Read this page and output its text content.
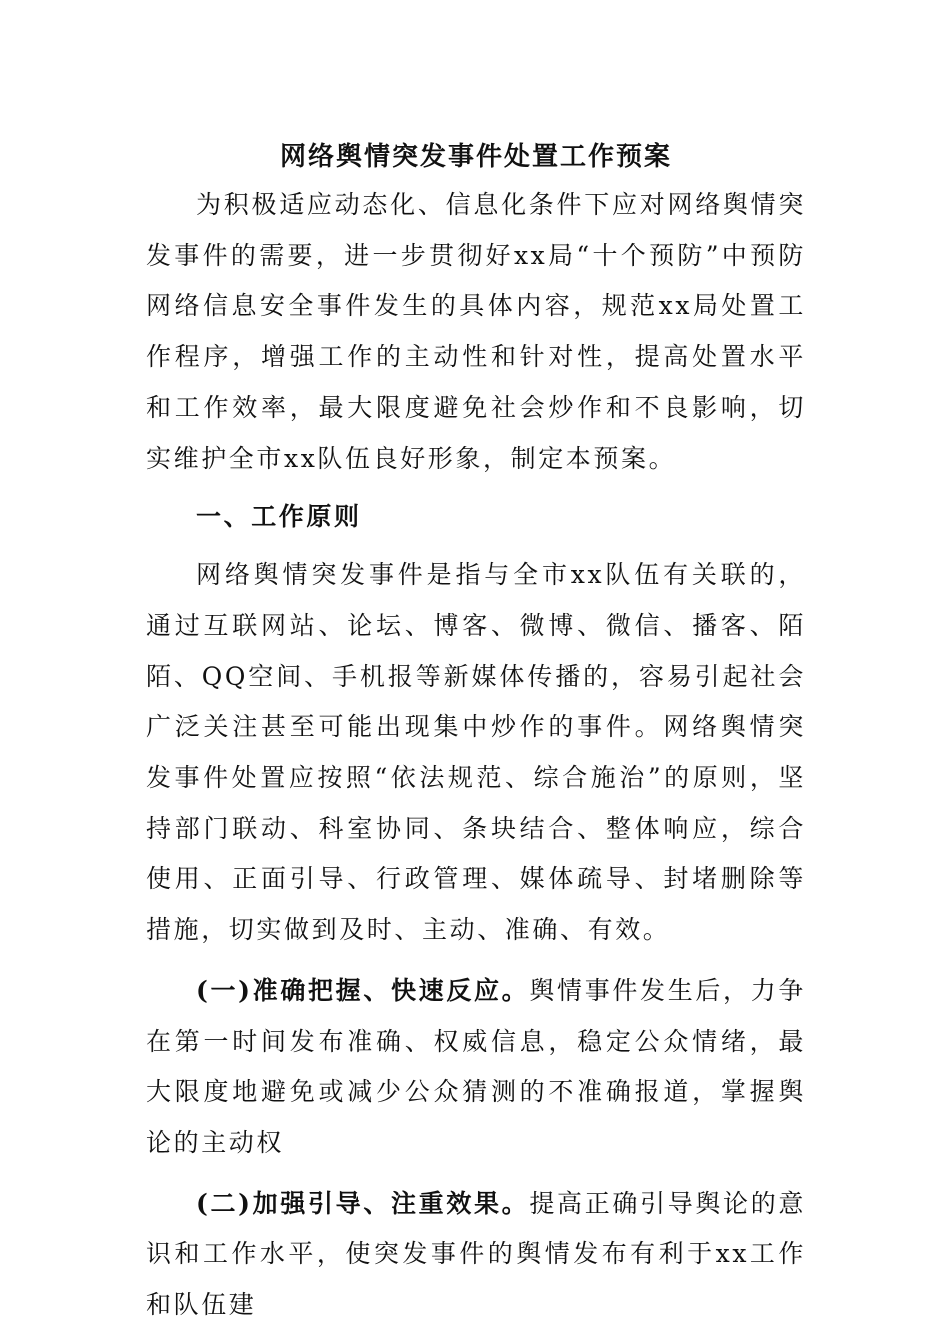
网络舆情突发事件处置工作预案

为积极适应动态化、信息化条件下应对网络舆情突发事件的需要，进一步贯彻好xx局“十个预防”中预防网络信息安全事件发生的具体内容，规范xx局处置工作程序，增强工作的主动性和针对性，提高处置水平和工作效率，最大限度避免社会炒作和不良影响，切实维护全市xx队伍良好形象，制定本预案。

一、工作原则

网络舆情突发事件是指与全市xx队伍有关联的，通过互联网站、论坛、博客、微博、微信、播客、陌陌、QQ空间、手机报等新媒体传播的，容易引起社会广泛关注甚至可能出现集中炒作的事件。网络舆情突发事件处置应按照“依法规范、综合施治”的原则，坚持部门联动、科室协同、条块结合、整体响应，综合使用、正面引导、行政管理、媒体疏导、封堵删除等措施，切实做到及时、主动、准确、有效。

(一)准确把握、快速反应。舆情事件发生后，力争在第一时间发布准确、权威信息，稳定公众情绪，最大限度地避免或减少公众猜测的不准确报道，掌握舆论的主动权

(二)加强引导、注重效果。提高正确引导舆论的意识和工作水平，使突发事件的舆情发布有利于xx工作和队伍建
